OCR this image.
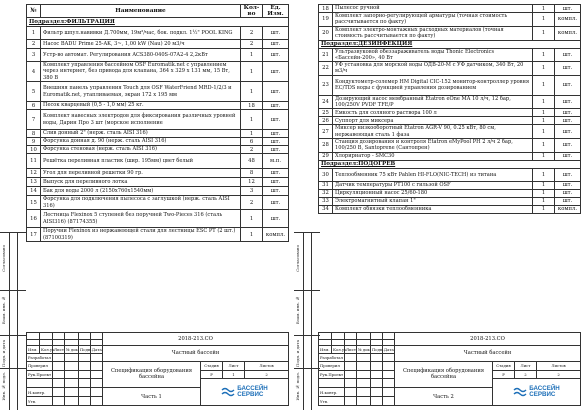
Согласовано
Взам. инв. №
Подп. и дата
Инв. № подл.
№	Наименование	Кол-во	Ед. Изм.
Подраздел:ФИЛЬТРАЦИЯ			
1	Фильтр шпул.навивки Д.700мм, 19м³/час, бок. подкл. 1½" POOL KING	2	шт.
2	Насос BADU Prime 25-AK, 3~, 1,00 kW (Nau) 20 м3/ч	2	шт.
3	Устр-во автомат. Регулирования ACS380-040S-07A2-4 2,2кВт	1	шт.
4	Комплект управления бассейном OSF Euromatik.net с управлением через интернет, без привода для клапана, 364 x 329 x 131 мм, 15 Вт, 380 В	1	шт.
5	Внешняя панель управления Touch для OSF WaterFriend MRD-1/2/3 и Euromatik.net, утапливаемая, экран 172 x 195 мм	1	шт.
6	Песок кварцевый (0,5 - 1,0 мм) 25 кг.	18	шт.
7	Комплект навесных электродов для фиксирования различных уровней воды, Дарин Про 3 шт (морское исполнение	1	шт.
8	Слив донный 2" (нерж. сталь AISI 316)	1	шт.
9	Форсунка донная д. 90 (нерж. сталь AISI 316)	6	шт.
10	Форсунка стеновая (нерж. сталь AISI 316)	2	шт.
11	Решётка переливная пластик (шир. 195мм) цвет белый	48	м.п.
12	Угол для переливной решетки 90 гр.	8	шт.
13	Выпуск для переливного лотка	12	шт.
14	Бак для воды 2000 л (2150x760x1540мм)	3	шт.
15	Форсунка для подключения пылесоса с заглушкой (нерж. сталь AISI 316)	2	шт.
16	Лестница Flexinox 5 ступеней без поручней Two-Pieces 316 (сталь AISI316) (87174355)	1	шт.
17	Поручни Flexinox из нержавеющей стали для лестницы ESC PT (2 шт.) (87100319)	1	компл.
						2018-213.СО			

Изм.	Кол.уч	Лист	№ док.	Подп.	Дата	Частный бассейн			
Разработал									
Проверил						Спецификация оборудования бассейна	Стадия	Лист	Листов
Рук.Проект							Р	1	2

							БАССЕЙН
СЕРВИС		

Н.контр.						Часть 1			
Утв.									
Согласовано
Взам. инв. №
Подп. и дата
Инв. № подл.
18	Пылесос ручной	1	шт.
19	Комплект запорно-регулирующей арматуры (точная стоимость рассчитывается по факту)	1	компл.
20	Комплект электро-монтажных расходных материалов (точная стоимость рассчитывается по факту)	1	компл.
Подраздел:ДЕЗИНФЕКЦИЯ			
21	Ультразвуковой обеззараживатель воды Thonic Electronics «Бассейн-200», 40 Вт	1	шт.
22	УФ установка для морской воды ОДВ-20-М с УФ датчиком, 340 Вт, 20 м3/ч	1	шт.
23	Кондуктометр-солемер HM Digital CIC-152 монитор-контроллер уровня EC/TDS воды с функцией управления дозированием	1	шт.
24	Дозирующий насос мембранный Etatron eOne MA 10 л/ч, 12 бар, 100/250V PVDF TFE/P	1	шт.
25	Емкость для соляного раствора 100 л	1	шт.
26	Суппорт для миксера	1	шт.
27	Миксер низкооборотный Etatron AGR-V 90, 0.25 кВт, 80 см, нержавеющая сталь 1 фаза	1	шт.
28	Станция дозирования и контроля Etatron eMyPool PH 2 л/ч 2 бар, 100/250 В, Santoprene (Сантопрен)	1	шт.
29	Хлорирнатор - SMC30	1	шт.
Подраздел:ПОДОГРЕВ			
30	Теплообменник 75 кВт Pahlen HI-FLO(NIC-TECH) из титана	1	шт.
31	Датчик температуры PT100 с гильзой OSF	1	шт.
32	Циркуляционный насос 25/60-180	1	шт.
33	Электромагнитный клапан 1"	1	шт.
34	Комплект обвязки теплообменника	1	компл.
						2018-213.СО			

Изм.	Кол.уч	Лист	№ док.	Подп.	Дата	Частный бассейн			
Разработал									
Проверил						Спецификация оборудования бассейна	Стадия	Лист	Листов
Рук.Проект							Р	2	2

							БАССЕЙН
СЕРВИС		

Н.контр.						Часть 2			
Утв.									
